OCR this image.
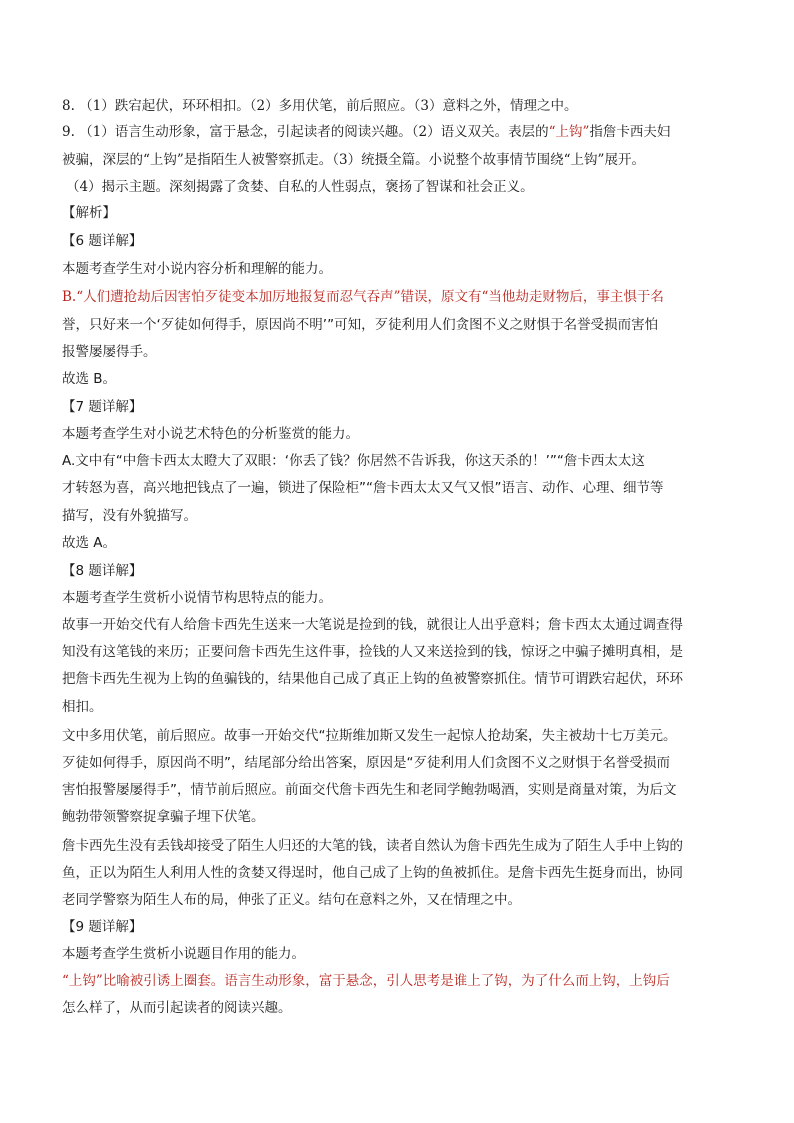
8. （1）跌宕起伏，环环相扣。（2）多用伏笔，前后照应。（3）意料之外，情理之中。
9. （1）语言生动形象，富于悬念，引起读者的阅读兴趣。（2）语义双关。表层的“上钩”指詹卡西夫妇
被骗，深层的“上钩”是指陌生人被警察抓走。（3）统摄全篇。小说整个故事情节围绕“上钩”展开。
（4）揭示主题。深刻揭露了贪婪、自私的人性弱点，褒扬了智谋和社会正义。
【解析】
【6 题详解】
本题考查学生对小说内容分析和理解的能力。
B.“人们遭抢劫后因害怕歹徒变本加厉地报复而忍气吞声”错误，原文有“当他劫走财物后，事主惧于名
誉，只好来一个‘歹徒如何得手，原因尚不明’”可知，歹徒利用人们贪图不义之财惧于名誉受损而害怕
报警屡屡得手。
故选 B。
【7 题详解】
本题考查学生对小说艺术特色的分析鉴赏的能力。
A.文中有“中詹卡西太太瞪大了双眼：‘你丢了钱？你居然不告诉我，你这天杀的！’”“詹卡西太太这
才转怒为喜，高兴地把钱点了一遍，锁进了保险柜”“詹卡西太太又气又恨”语言、动作、心理、细节等
描写，没有外貌描写。
故选 A。
【8 题详解】
本题考查学生赏析小说情节构思特点的能力。
故事一开始交代有人给詹卡西先生送来一大笔说是捡到的钱，就很让人出乎意料；詹卡西太太通过调查得
知没有这笔钱的来历；正要问詹卡西先生这件事，捡钱的人又来送捡到的钱，惊讶之中骗子摊明真相，是
把詹卡西先生视为上钩的鱼骗钱的，结果他自己成了真正上钩的鱼被警察抓住。情节可谓跌宕起伏，环环
相扣。
文中多用伏笔，前后照应。故事一开始交代“拉斯维加斯又发生一起惊人抢劫案，失主被劫十七万美元。
歹徒如何得手，原因尚不明”，结尾部分给出答案，原因是“歹徒利用人们贪图不义之财惧于名誉受损而
害怕报警屡屡得手”，情节前后照应。前面交代詹卡西先生和老同学鲍勃喝酒，实则是商量对策，为后文
鲍勃带领警察捉拿骗子埋下伏笔。
詹卡西先生没有丢钱却接受了陌生人归还的大笔的钱，读者自然认为詹卡西先生成为了陌生人手中上钩的
鱼，正以为陌生人利用人性的贪婪又得逞时，他自己成了上钩的鱼被抓住。是詹卡西先生挺身而出，协同
老同学警察为陌生人布的局，伸张了正义。结句在意料之外，又在情理之中。
【9 题详解】
本题考查学生赏析小说题目作用的能力。
“上钩”比喻被引诱上圈套。语言生动形象，富于悬念，引人思考是谁上了钩，为了什么而上钩，上钩后
怎么样了，从而引起读者的阅读兴趣。
